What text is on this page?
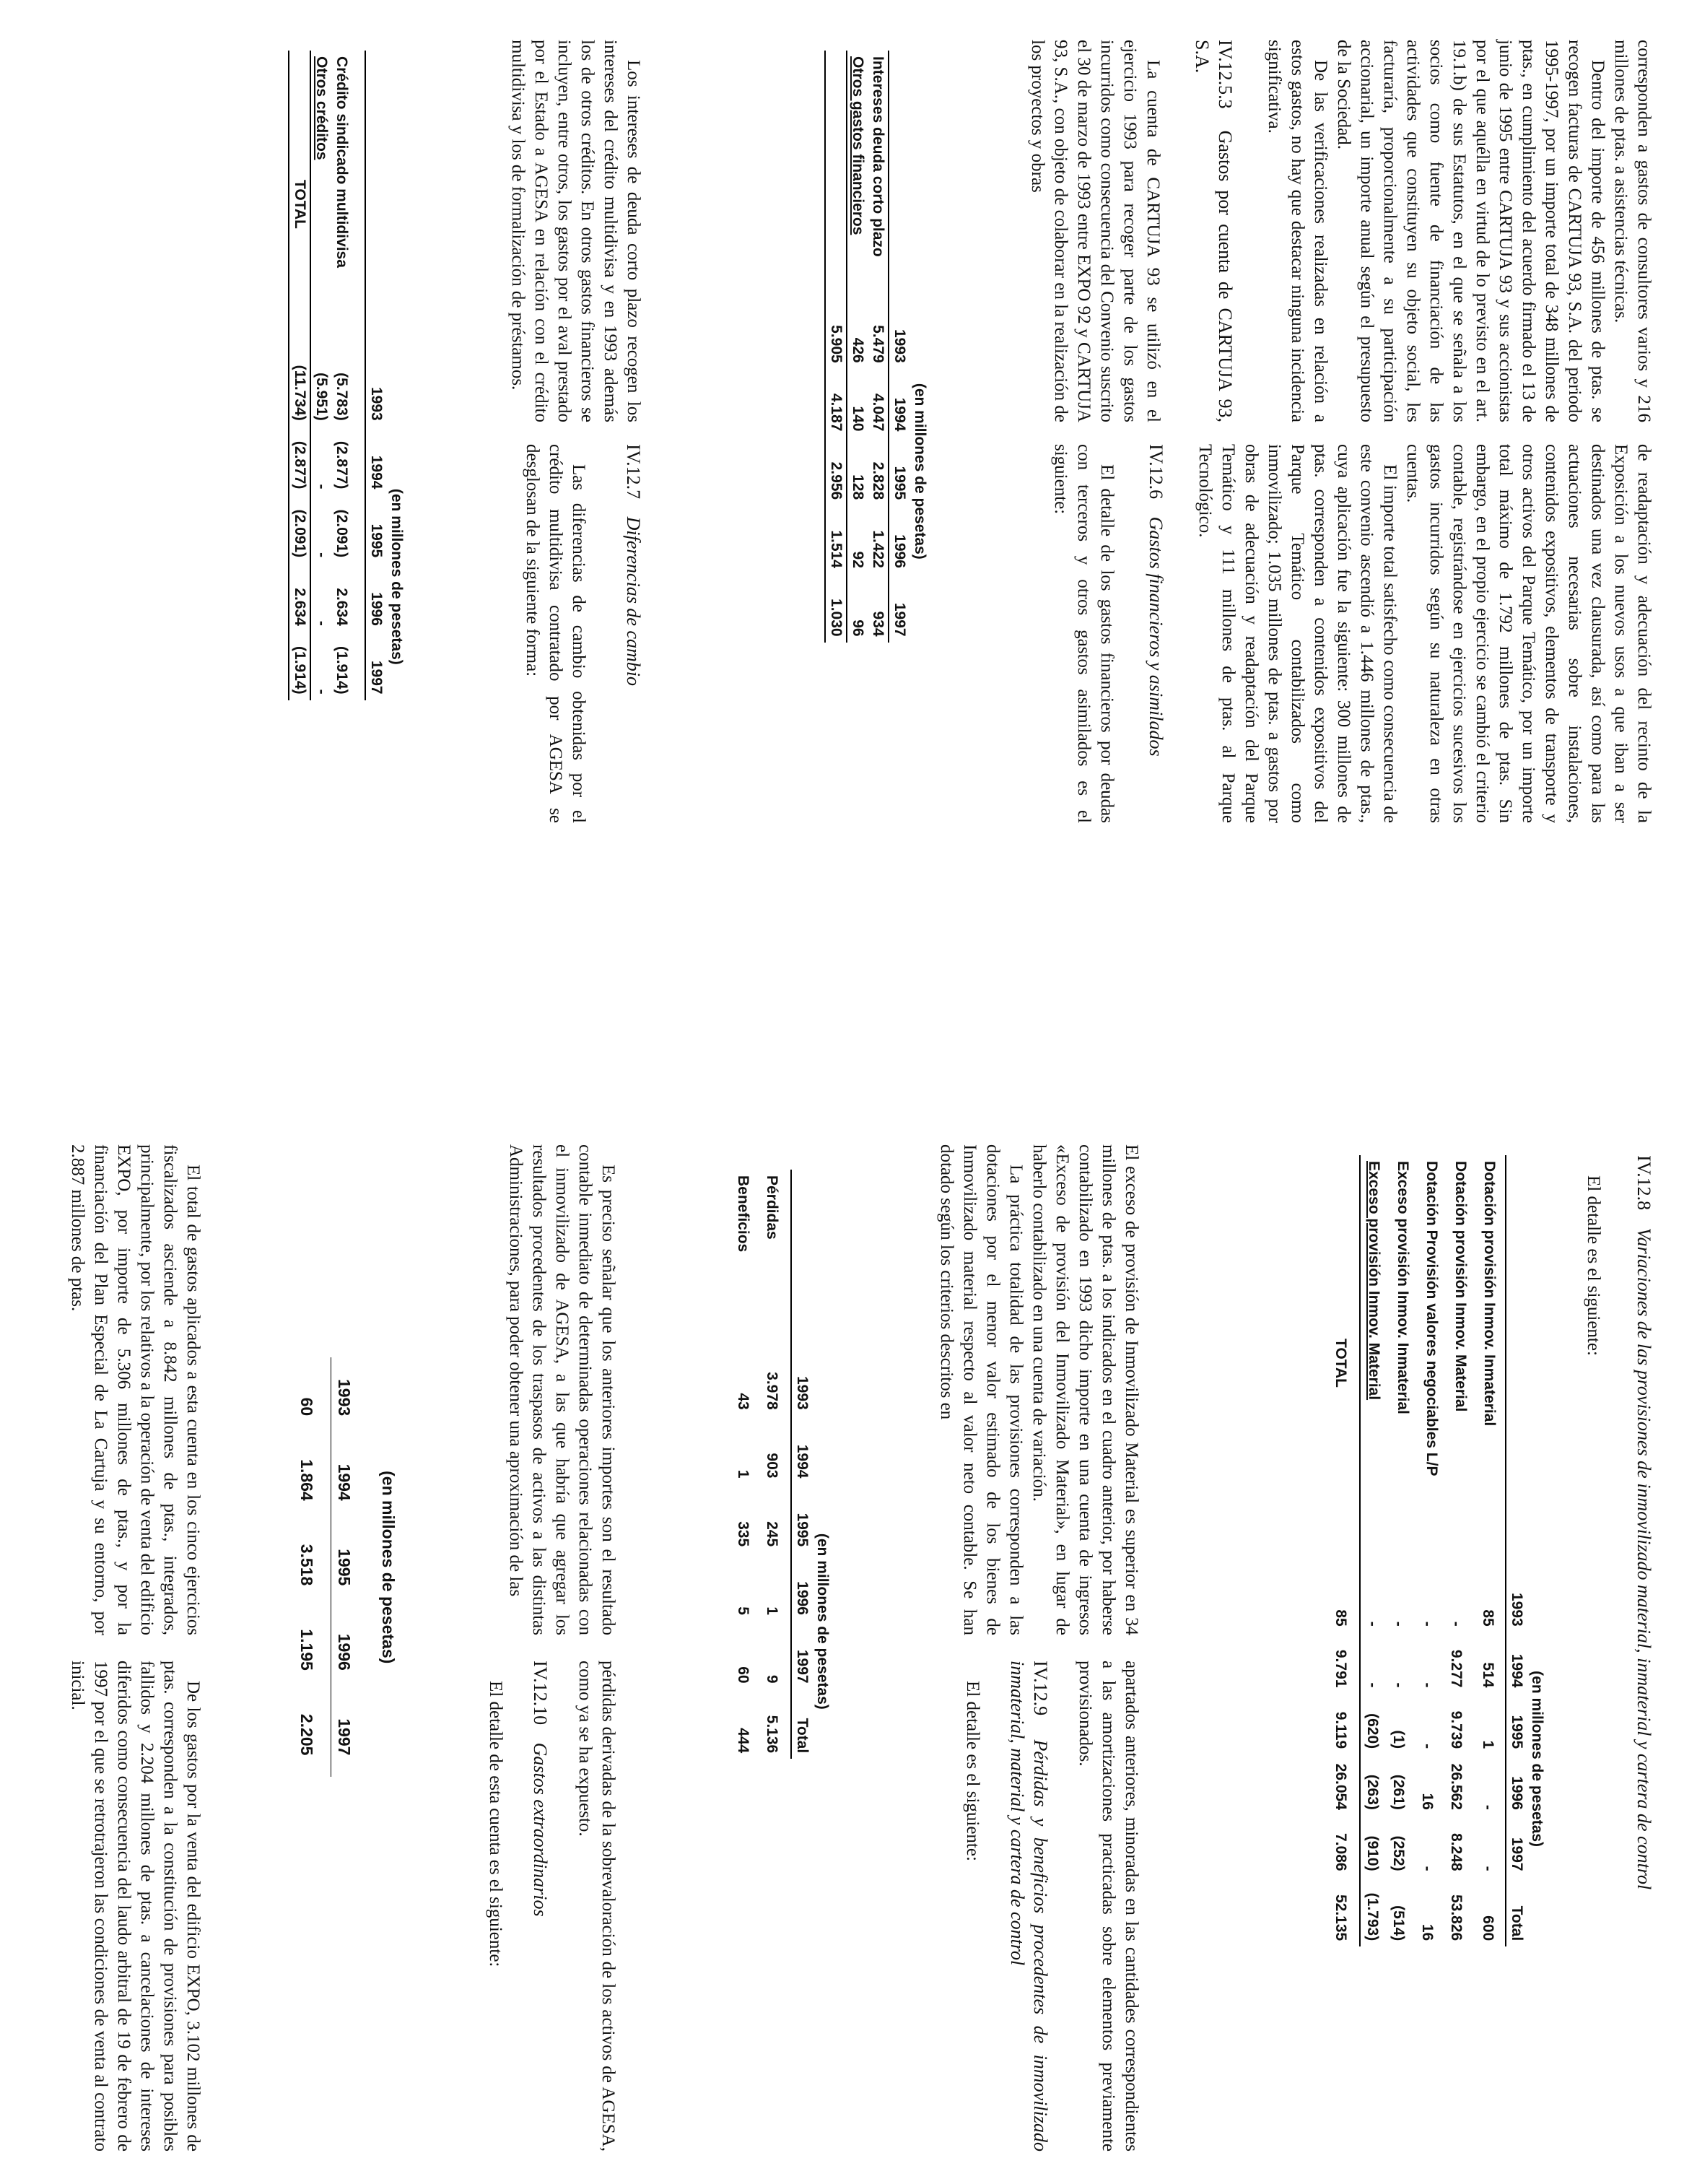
corresponden a gastos de consultores varios y 216 millones de ptas. a asistencias técnicas.

Dentro del importe de 456 millones de ptas. se recogen facturas de CARTUJA 93, S.A. del periodo 1995-1997, por un importe total de 348 millones de ptas., en cumplimiento del acuerdo firmado el 13 de junio de 1995 entre CARTUJA 93 y sus accionistas por el que aquélla en virtud de lo previsto en el art. 19.1.b) de sus Estatutos, en el que se señala a los socios como fuente de financiación de las actividades que constituyen su objeto social, les facturaría, proporcionalmente a su participación accionarial, un importe anual según el presupuesto de la Sociedad.

De las verificaciones realizadas en relación a estos gastos, no hay que destacar ninguna incidencia significativa.

IV.12.5.3 Gastos por cuenta de CARTUJA 93, S.A.

La cuenta de CARTUJA 93 se utilizó en el ejercicio 1993 para recoger parte de los gastos incurridos como consecuencia del Convenio suscrito el 30 de marzo de 1993 entre EXPO 92 y CARTUJA 93, S.A., con objeto de colaborar en la realización de los proyectos y obras

de readaptación y adecuación del recinto de la Exposición a los nuevos usos a que iban a ser destinados una vez clausurada, así como para las actuaciones necesarias sobre instalaciones, contenidos expositivos, elementos de transporte y otros activos del Parque Temático, por un importe total máximo de 1.792 millones de ptas. Sin embargo, en el propio ejercicio se cambió el criterio contable, registrándose en ejercicios sucesivos los gastos incurridos según su naturaleza en otras cuentas.

El importe total satisfecho como consecuencia de este convenio ascendió a 1.446 millones de ptas., cuya aplicación fue la siguiente: 300 millones de ptas. corresponden a contenidos expositivos del Parque Temático contabilizados como inmovilizado; 1.035 millones de ptas. a gastos por obras de adecuación y readaptación del Parque Temático y 111 millones de ptas. al Parque Tecnológico.

IV.12.6 Gastos financieros y asimilados

El detalle de los gastos financieros por deudas con terceros y otros gastos asimilados es el siguiente:

	(en millones de pesetas)				
	1993	1994	1995	1996	1997
Intereses deuda corto plazo	5.479	4.047	2.828	1.422	934
Otros gastos financieros	426	140	128	92	96
	5.905	4.187	2.956	1.514	1.030

Los intereses de deuda corto plazo recogen los intereses del crédito multidivisa y en 1993 además los de otros créditos. En otros gastos financieros se incluyen, entre otros, los gastos por el aval prestado por el Estado a AGESA en relación con el crédito multidivisa y los de formalización de préstamos.

IV.12.7 Diferencias de cambio

Las diferencias de cambio obtenidas por el crédito multidivisa contratado por AGESA se desglosan de la siguiente forma:

	(en millones de pesetas)				
	1993	1994	1995	1996	1997
Crédito sindicado multidivisa	(5.783)	(2.877)	(2.091)	2.634	(1.914)
Otros créditos	(5.951)	-	-	-	-
TOTAL	(11.734)	(2.877)	(2.091)	2.634	(1.914)

IV.12.8 Variaciones de las provisiones de inmovilizado material, inmaterial y cartera de control

El detalle es el siguiente:

	(en millones de pesetas)					
	1993	1994	1995	1996	1997	Total
Dotación provisión Inmov. Inmaterial	85	514	1	-	-	600
Dotación provisión Inmov. Material	-	9.277	9.739	26.562	8.248	53.826
Dotación Provisión valores negociables L/P	-	-	-	16	-	16
Exceso provisión Inmov. Inmaterial	-	-	(1)	(261)	(252)	(514)
Exceso provisión Inmov. Material	-	-	(620)	(263)	(910)	(1.793)
TOTAL	85	9.791	9.119	26.054	7.086	52.135

El exceso de provisión de Inmovilizado Material es superior en 34 millones de ptas. a los indicados en el cuadro anterior, por haberse contabilizado en 1993 dicho importe en una cuenta de ingresos «Exceso de provisión del Inmovilizado Material», en lugar de haberlo contabilizado en una cuenta de variación.

La práctica totalidad de las provisiones corresponden a las dotaciones por el menor valor estimado de los bienes de Inmovilizado material respecto al valor neto contable. Se han dotado según los criterios descritos en

apartados anteriores, minoradas en las cantidades correspondientes a las amortizaciones practicadas sobre elementos previamente provisionados.

IV.12.9 Pérdidas y beneficios procedentes de inmovilizado inmaterial, material y cartera de control

El detalle es el siguiente:

			(en millones de pesetas)			
	1993	1994	1995	1996	1997	Total
Pérdidas	3.978	903	245	1	9	5.136
Beneficios	43	1	335	5	60	444

Es preciso señalar que los anteriores importes son el resultado contable inmediato de determinadas operaciones relacionadas con el inmovilizado de AGESA, a las que habría que agregar los resultados procedentes de los traspasos de activos a las distintas Administraciones, para poder obtener una aproximación de las

pérdidas derivadas de la sobrevaloración de los activos de AGESA, como ya se ha expuesto.

IV.12.10 Gastos extraordinarios

El detalle de esta cuenta es el siguiente:

(en millones de pesetas)				
1993	1994	1995	1996	1997
60	1.864	3.518	1.195	2.205

El total de gastos aplicados a esta cuenta en los cinco ejercicios fiscalizados asciende a 8.842 millones de ptas., integrados, principalmente, por los relativos a la operación de venta del edificio EXPO, por importe de 5.306 millones de ptas., y por la financiación del Plan Especial de La Cartuja y su entorno, por 2.887 millones de ptas.

De los gastos por la venta del edificio EXPO, 3.102 millones de ptas. corresponden a la constitución de provisiones para posibles fallidos y 2.204 millones de ptas. a cancelaciones de intereses diferidos como consecuencia del laudo arbitral de 19 de febrero de 1997 por el que se retrotrajeron las condiciones de venta al contrato inicial.
